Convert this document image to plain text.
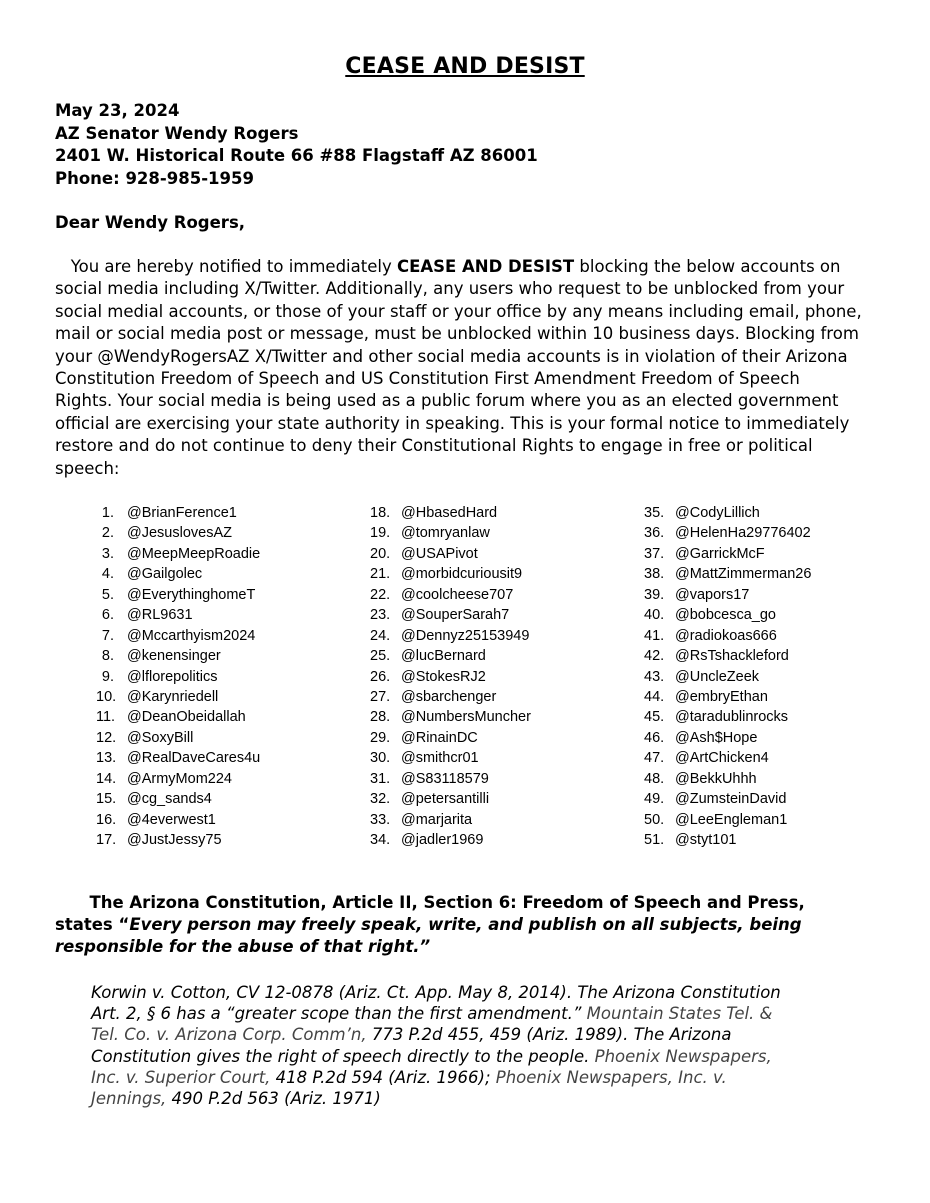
CEASE AND DESIST
May 23, 2024
AZ Senator Wendy Rogers
2401 W. Historical Route 66 #88 Flagstaff AZ 86001
Phone: 928-985-1959
Dear Wendy Rogers,
You are hereby notified to immediately CEASE AND DESIST blocking the below accounts on
social media including X/Twitter. Additionally, any users who request to be unblocked from your
social medial accounts, or those of your staff or your office by any means including email, phone,
mail or social media post or message, must be unblocked within 10 business days. Blocking from
your @WendyRogersAZ X/Twitter and other social media accounts is in violation of their Arizona
Constitution Freedom of Speech and US Constitution First Amendment Freedom of Speech
Rights. Your social media is being used as a public forum where you as an elected government
official are exercising your state authority in speaking. This is your formal notice to immediately
restore and do not continue to deny their Constitutional Rights to engage in free or political
speech:
1. @BrianFerence1
2. @JesuslovesAZ
3. @MeepMeepRoadie
4. @Gailgolec
5. @EverythinghomeT
6. @RL9631
7. @Mccarthyism2024
8. @kenensinger
9. @lflorepolitics
10. @Karynriedell
11. @DeanObeidallah
12. @SoxyBill
13. @RealDaveCares4u
14. @ArmyMom224
15. @cg_sands4
16. @4everwest1
17. @JustJessy75
18. @HbasedHard
19. @tomryanlaw
20. @USAPivot
21. @morbidcuriousit9
22. @coolcheese707
23. @SouperSarah7
24. @Dennyz25153949
25. @lucBernard
26. @StokesRJ2
27. @sbarchenger
28. @NumbersMuncher
29. @RinainDC
30. @smithcr01
31. @S83118579
32. @petersantilli
33. @marjarita
34. @jadler1969
35. @CodyLillich
36. @HelenHa29776402
37. @GarrickMcF
38. @MattZimmerman26
39. @vapors17
40. @bobcesca_go
41. @radiokoas666
42. @RsTshackleford
43. @UncleZeek
44. @embryEthan
45. @taradublinrocks
46. @Ash$Hope
47. @ArtChicken4
48. @BekkUhhh
49. @ZumsteinDavid
50. @LeeEngleman1
51. @styt101
The Arizona Constitution, Article II, Section 6: Freedom of Speech and Press,
states “Every person may freely speak, write, and publish on all subjects, being
responsible for the abuse of that right.”
Korwin v. Cotton, CV 12-0878 (Ariz. Ct. App. May 8, 2014). The Arizona Constitution
Art. 2, § 6 has a “greater scope than the first amendment.” Mountain States Tel. &
Tel. Co. v. Arizona Corp. Comm’n, 773 P.2d 455, 459 (Ariz. 1989). The Arizona
Constitution gives the right of speech directly to the people. Phoenix Newspapers,
Inc. v. Superior Court, 418 P.2d 594 (Ariz. 1966); Phoenix Newspapers, Inc. v.
Jennings, 490 P.2d 563 (Ariz. 1971)
